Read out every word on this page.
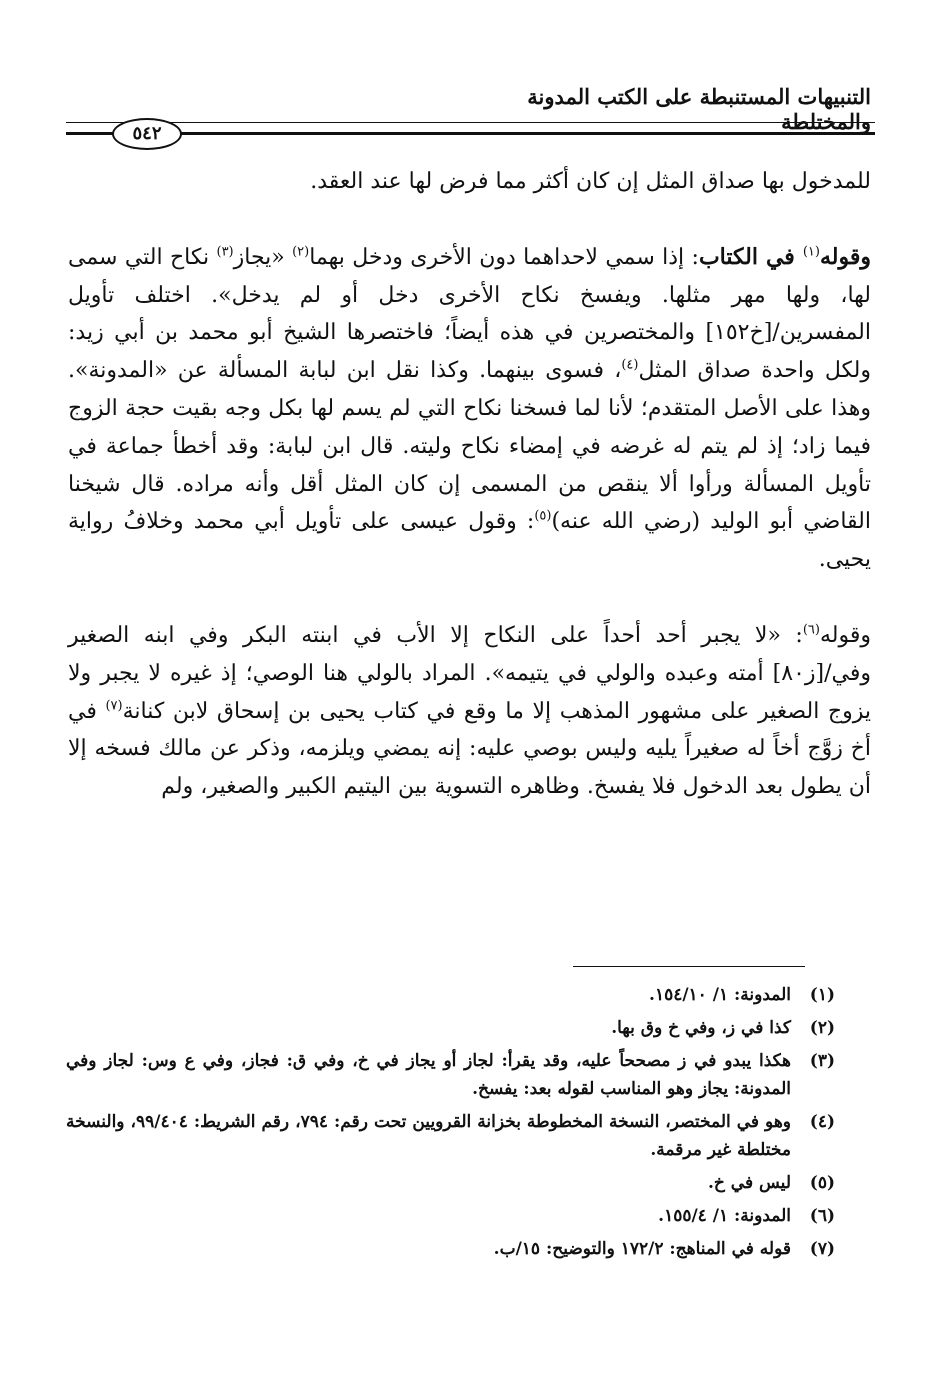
التنبيهات المستنبطة على الكتب المدونة والمختلطة
٥٤٢

للمدخول بها صداق المثل إن كان أكثر مما فرض لها عند العقد.

وقوله$^{(١)}$ في الكتاب: إذا سمي لاحداهما دون الأخرى ودخل بهما$^{(٢)}$ «يجاز$^{(٣)}$ نكاح التي سمى لها، ولها مهر مثلها. ويفسخ نكاح الأخرى دخل أو لم يدخل». اختلف تأويل المفسرين/[خ١٥٢] والمختصرين في هذه أيضاً؛ فاختصرها الشيخ أبو محمد بن أبي زيد: ولكل واحدة صداق المثل$^{(٤)}$، فسوى بينهما. وكذا نقل ابن لبابة المسألة عن «المدونة». وهذا على الأصل المتقدم؛ لأنا لما فسخنا نكاح التي لم يسم لها بكل وجه بقيت حجة الزوج فيما زاد؛ إذ لم يتم له غرضه في إمضاء نكاح وليته. قال ابن لبابة: وقد أخطأ جماعة في تأويل المسألة ورأوا ألا ينقص من المسمى إن كان المثل أقل وأنه مراده. قال شيخنا القاضي أبو الوليد (رضي الله عنه)$^{(٥)}$: وقول عيسى على تأويل أبي محمد وخلافُ رواية يحيى.

وقوله$^{(٦)}$: «لا يجبر أحد أحداً على النكاح إلا الأب في ابنته البكر وفي ابنه الصغير وفي/[ز٨٠] أمته وعبده والولي في يتيمه». المراد بالولي هنا الوصي؛ إذ غيره لا يجبر ولا يزوج الصغير على مشهور المذهب إلا ما وقع في كتاب يحيى بن إسحاق لابن كنانة$^{(٧)}$ في أخ زوَّج أخاً له صغيراً يليه وليس بوصي عليه: إنه يمضي ويلزمه، وذكر عن مالك فسخه إلا أن يطول بعد الدخول فلا يفسخ. وظاهره التسوية بين اليتيم الكبير والصغير، ولم

(١)
المدونة: ١/ ١٥٤/١٠.
(٢)
كذا في ز، وفي خ وق بها.
(٣)
هكذا يبدو في ز مصححاً عليه، وقد يقرأ: لجاز أو يجاز في خ، وفي ق: فجاز، وفي ع وس: لجاز وفي المدونة: يجاز وهو المناسب لقوله بعد: يفسخ.
(٤)
وهو في المختصر، النسخة المخطوطة بخزانة القرويين تحت رقم: ٧٩٤، رقم الشريط: ٩٩/٤٠٤، والنسخة مختلطة غير مرقمة.
(٥)
ليس في خ.
(٦)
المدونة: ١/ ١٥٥/٤.
(٧)
قوله في المناهج: ١٧٢/٢ والتوضيح: ١٥/ب.
